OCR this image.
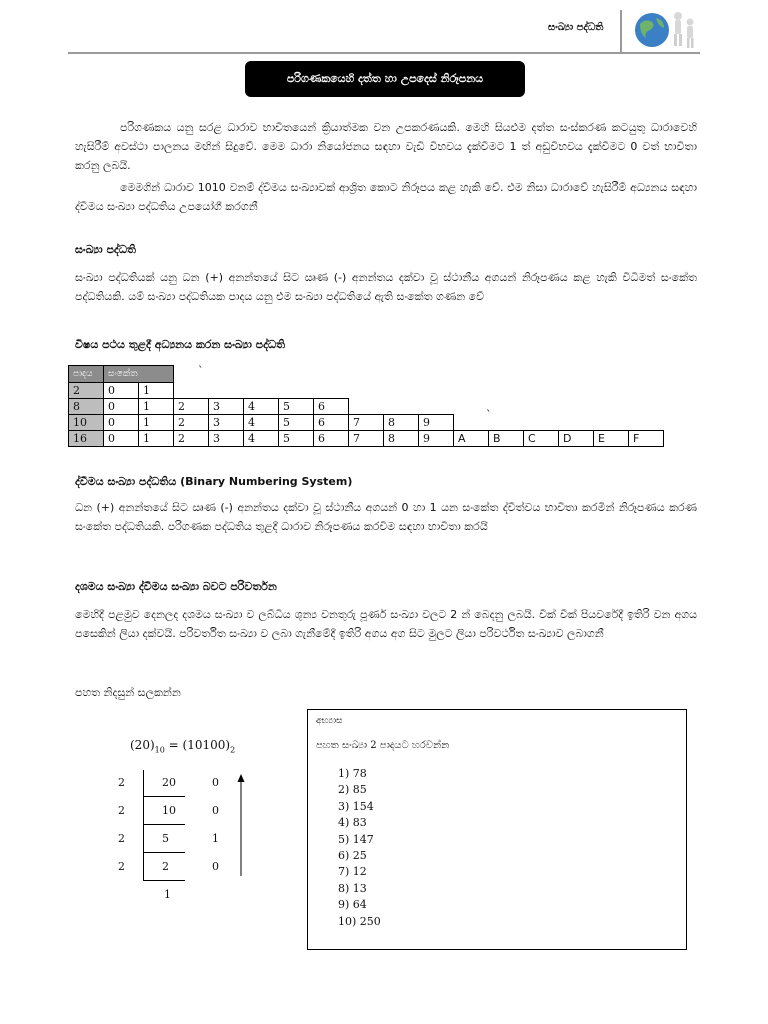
සංඛ්‍යා පද්ධති
පරිගණකයෙහි දත්ත හා උපදෙස් නිරූපනය
පරිගණකය යනු සරළ ධාරාව භාවිතයෙන් ක්‍රියාත්මක වන උපකරණයකි. මෙහි සියළුම දත්ත සංස්කරණ කටයුතු ධාරාවෙහි හැසිරීම් අවස්ථා පාලනය මඟින් සිදුවේ. මෙම ධාරා නියෝජනය සඳහා වැඩි විභවය දැක්වීමට 1 ත් අඩුවිභවය දැක්වීමට 0 වත් භාවිතා කරනු ලබයි.
මෙමගින් ධාරාව 1010 වනම් ද්වීමය සංඛ්‍යාවක් ආශ්‍රිත කොට නිරූපය කළ හැකි වේ. එම නිසා ධාරාවේ හැසිරීම් අධ්‍යනය සඳහා ද්වීමය සංඛ්‍යා පද්ධතිය උපයෝගී කරගනී
සංඛ්‍යා පද්ධති
සංඛ්‍යා පද්ධතියක් යනු ධන (+) අනන්තයේ සිට ඍණ (-) අනන්තය දක්වා වූ ස්ථානීය අගයන් නිරූපණය කළ හැකි විධිමත් සංකේත පද්ධතියකි. යම් සංඛ්‍යා පද්ධතියක පාදය යනු එම සංඛ්‍යා පද්ධතියේ ඇති සංකේත ගණන වේ
විෂය පථය තුළදී අධ්‍යනය කරන සංඛ්‍යා පද්ධති
පාදය	සංකේත															
2	0	1														
8	0	1	2	3	4	5	6									
10	0	1	2	3	4	5	6	7	8	9						
16	0	1	2	3	4	5	6	7	8	9	A	B	C	D	E	F
`
`
ද්වීමය සංඛ්‍යා පද්ධතිය (Binary Numbering System)
ධන (+) අනන්තයේ සිට ඍණ (-) අනන්තය දක්වා වූ ස්ථානීය අගයන් 0 හා 1 යන සංකේත ද්වීත්වය භාවිතා කරමින් නිරූපණය කරණ සංකේත පද්ධතියකි. පරිගණක පද්ධතිය තුළදී ධාරාව නිරූපණය කරවීම සඳහා භාවිතා කරයි
දශමය සංඛ්‍යා ද්වීමය සංඛ්‍යා බවට පරිවර්තන
මෙහිදී පළමුව දෙනලද දශමය සංඛ්‍යා ව ලබ්ධිය ශුන්‍ය වනතුරු පූර්ණ සංඛ්‍යා වලට 2 න් බෙදනු ලබයි. වීක් වීක් පියවරේදී ඉතිරි වන අගය පසෙකින් ලියා දක්වයි. පරිවර්තිත සංඛ්‍යා ව ලබා ගැනීමේදී ඉතිරි අගය අග සිට මුලට ලියා පරිවර්ථිත සංඛ්‍යාව ලබාගනී
පහත නිදසුන් සලකන්න
$(20)_{10} = (10100)_2$
2	20	0
2	10	0
2	5	1
2	2	0
1
අභ්‍යාස
පහත සංඛ්‍යා 2 පාදයට හරවන්න
1) 78
2) 85
3) 154
4) 83
5) 147
6) 25
7) 12
8) 13
9) 64
10) 250
